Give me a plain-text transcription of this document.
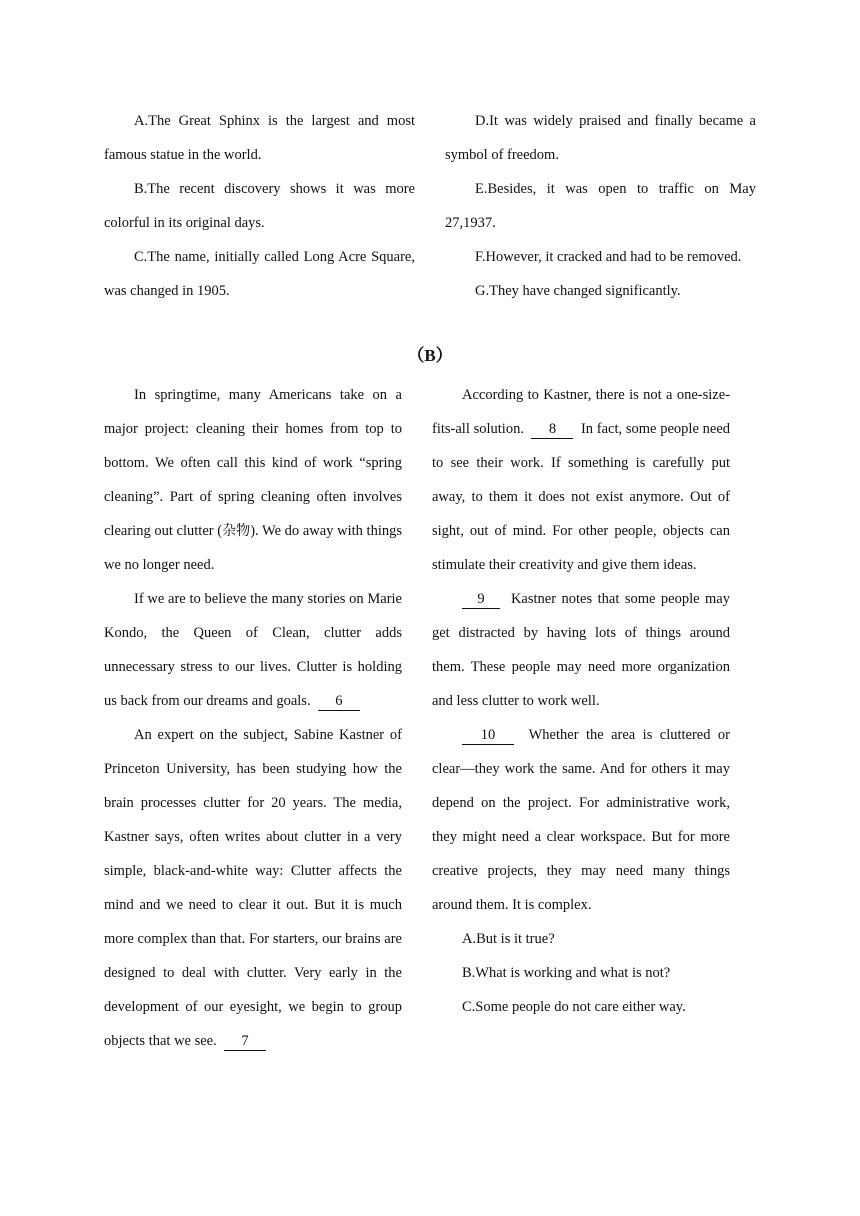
A.The Great Sphinx is the largest and most famous statue in the world.

B.The recent discovery shows it was more colorful in its original days.

C.The name, initially called Long Acre Square, was changed in 1905.

D.It was widely praised and finally became a symbol of freedom.

E.Besides, it was open to traffic on May 27,1937.

F.However, it cracked and had to be removed.

G.They have changed significantly.

（B）

In springtime, many Americans take on a major project: cleaning their homes from top to bottom. We often call this kind of work “spring cleaning”. Part of spring cleaning often involves clearing out clutter (杂物). We do away with things we no longer need.

If we are to believe the many stories on Marie Kondo, the Queen of Clean, clutter adds unnecessary stress to our lives. Clutter is holding us back from our dreams and goals. 6

An expert on the subject, Sabine Kastner of Princeton University, has been studying how the brain processes clutter for 20 years. The media, Kastner says, often writes about clutter in a very simple, black-and-white way: Clutter affects the mind and we need to clear it out. But it is much more complex than that. For starters, our brains are designed to deal with clutter. Very early in the development of our eyesight, we begin to group objects that we see. 7

According to Kastner, there is not a one-size-fits-all solution. 8 In fact, some people need to see their work. If something is carefully put away, to them it does not exist anymore. Out of sight, out of mind. For other people, objects can stimulate their creativity and give them ideas.

9 Kastner notes that some people may get distracted by having lots of things around them. These people may need more organization and less clutter to work well.

10 Whether the area is cluttered or clear—they work the same. And for others it may depend on the project. For administrative work, they might need a clear workspace. But for more creative projects, they may need many things around them. It is complex.

A.But is it true?

B.What is working and what is not?

C.Some people do not care either way.
